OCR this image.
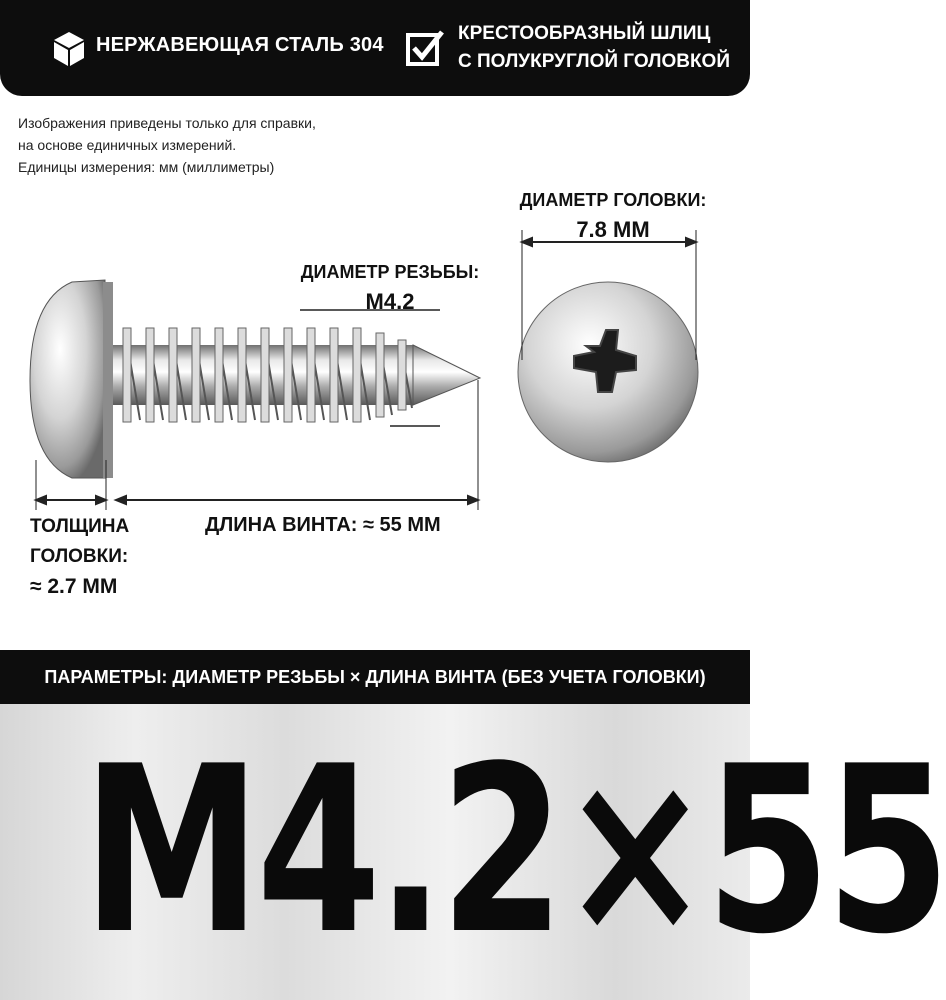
НЕРЖАВЕЮЩАЯ СТАЛЬ 304
КРЕСТООБРАЗНЫЙ ШЛИЦ
С ПОЛУКРУГЛОЙ ГОЛОВКОЙ
Изображения приведены только для справки,
на основе единичных измерений.
Единицы измерения: мм (миллиметры)
ДИАМЕТР ГОЛОВКИ:
7.8 ММ
ДИАМЕТР РЕЗЬБЫ:
M4.2
ДЛИНА ВИНТА: ≈ 55 ММ
ТОЛЩИНА
ГОЛОВКИ:
≈ 2.7 ММ
ПАРАМЕТРЫ: ДИАМЕТР РЕЗЬБЫ × ДЛИНА ВИНТА (БЕЗ УЧЕТА ГОЛОВКИ)
M4.2×55
